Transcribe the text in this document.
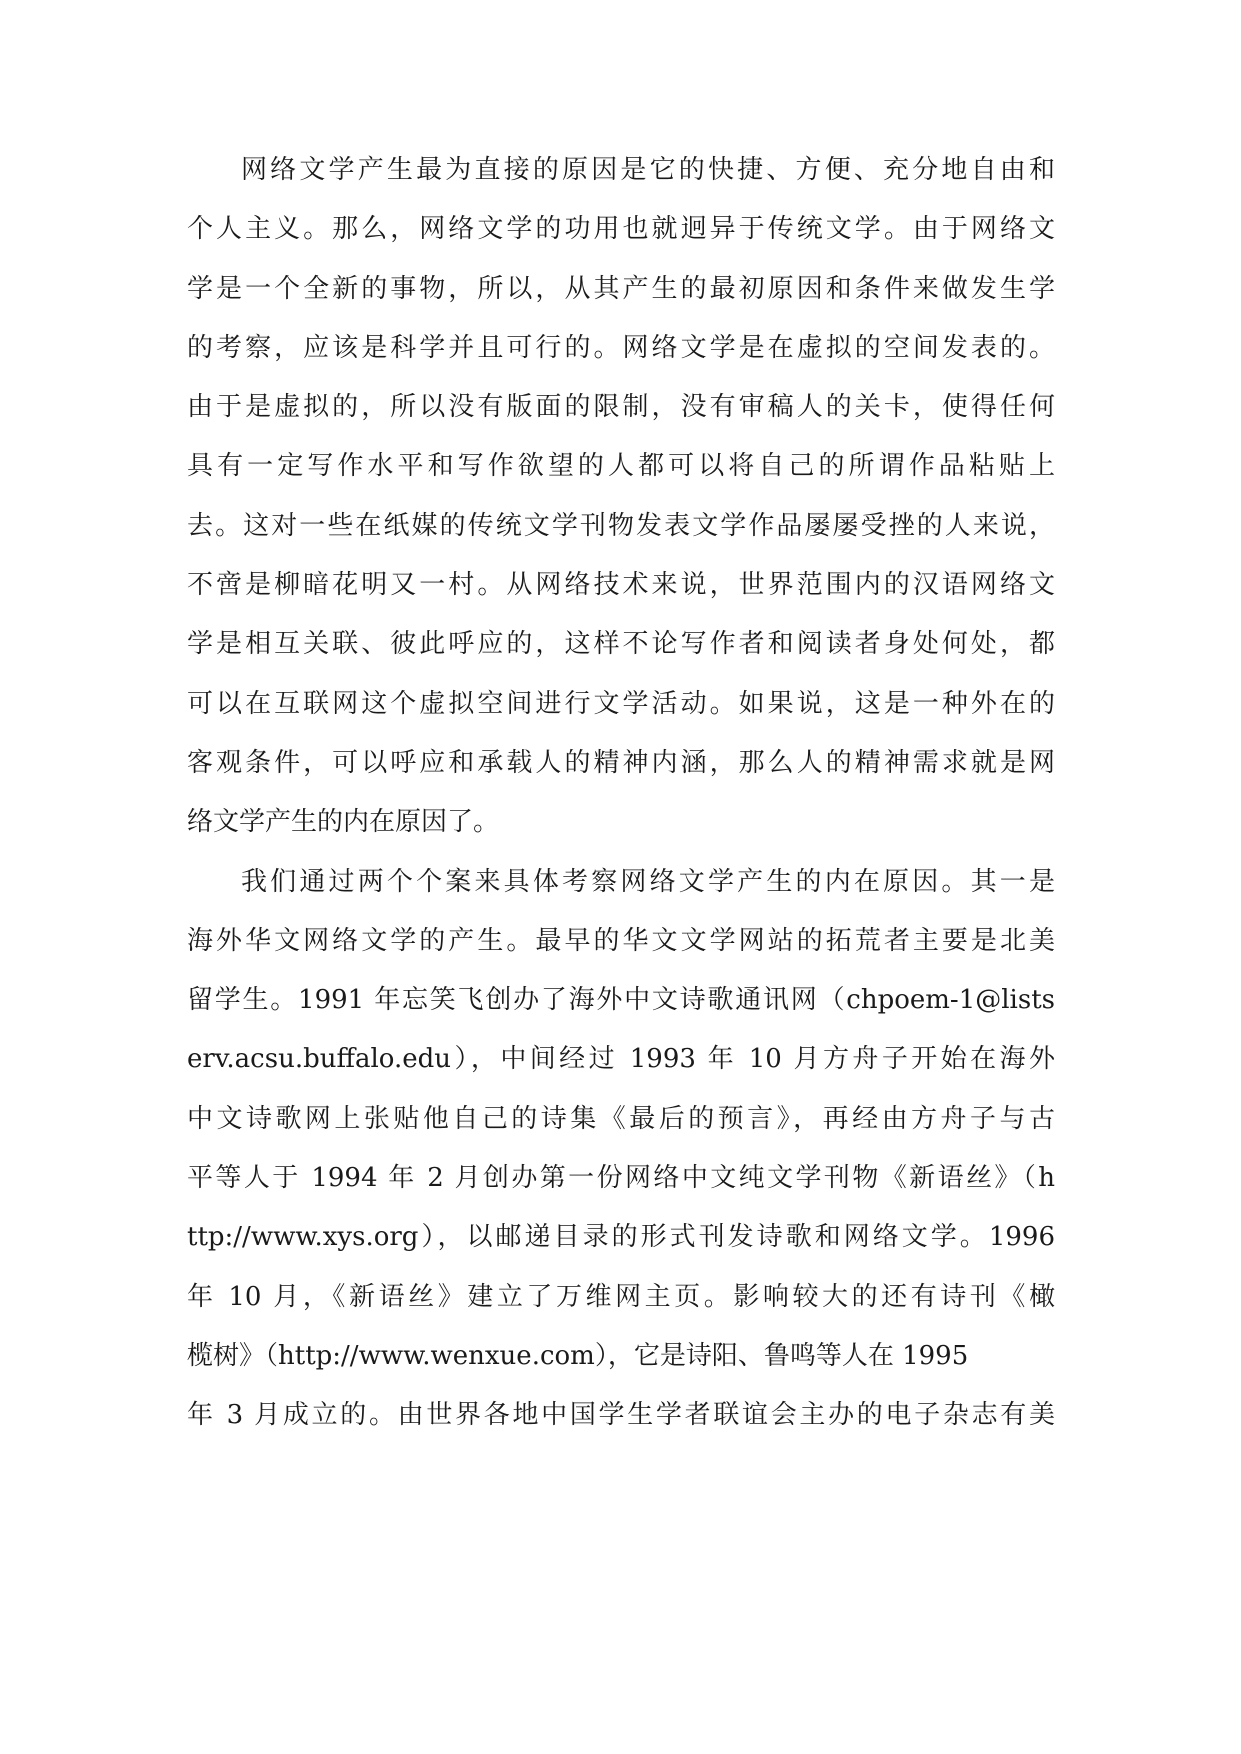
网络文学产生最为直接的原因是它的快捷、方便、充分地自由和
个人主义。那么，网络文学的功用也就迥异于传统文学。由于网络文
学是一个全新的事物，所以，从其产生的最初原因和条件来做发生学
的考察，应该是科学并且可行的。网络文学是在虚拟的空间发表的。
由于是虚拟的，所以没有版面的限制，没有审稿人的关卡，使得任何
具有一定写作水平和写作欲望的人都可以将自己的所谓作品粘贴上
去。这对一些在纸媒的传统文学刊物发表文学作品屡屡受挫的人来说，
不啻是柳暗花明又一村。从网络技术来说，世界范围内的汉语网络文
学是相互关联、彼此呼应的，这样不论写作者和阅读者身处何处，都
可以在互联网这个虚拟空间进行文学活动。如果说，这是一种外在的
客观条件，可以呼应和承载人的精神内涵，那么人的精神需求就是网
络文学产生的内在原因了。
我们通过两个个案来具体考察网络文学产生的内在原因。其一是
海外华文网络文学的产生。最早的华文文学网站的拓荒者主要是北美
留学生。1991 年忘笑飞创办了海外中文诗歌通讯网（chpoem-1@lists
erv.acsu.buffalo.edu），中间经过 1993 年 10 月方舟子开始在海外
中文诗歌网上张贴他自己的诗集《最后的预言》，再经由方舟子与古
平等人于 1994 年 2 月创办第一份网络中文纯文学刊物《新语丝》（h
ttp://www.xys.org），以邮递目录的形式刊发诗歌和网络文学。1996
年 10 月，《新语丝》建立了万维网主页。影响较大的还有诗刊《橄
榄树》（http://www.wenxue.com），它是诗阳、鲁鸣等人在 1995
年 3 月成立的。由世界各地中国学生学者联谊会主办的电子杂志有美
